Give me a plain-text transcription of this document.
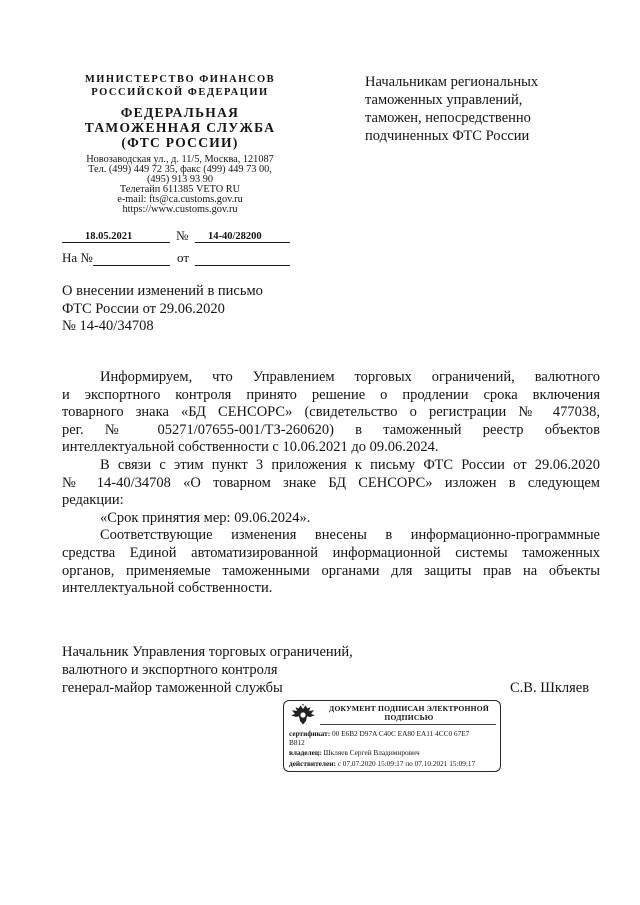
МИНИСТЕРСТВО ФИНАНСОВ
РОССИЙСКОЙ ФЕДЕРАЦИИ
ФЕДЕРАЛЬНАЯ
ТАМОЖЕННАЯ СЛУЖБА
(ФТС РОССИИ)
Новозаводская ул., д. 11/5, Москва, 121087
Тел. (499) 449 72 35, факс (499) 449 73 00,
(495) 913 93 90
Телетайп 611385 VETO RU
e-mail: fts@ca.customs.gov.ru
https://www.customs.gov.ru
18.05.2021	№ 14-40/28200
На №	от
Начальникам региональных
таможенных управлений,
таможен, непосредственно
подчиненных ФТС России
О внесении изменений в письмо
ФТС России от 29.06.2020
№ 14-40/34708
Информируем, что Управлением торговых ограничений, валютного
и экспортного контроля принято решение о продлении срока включения
товарного знака «БД СЕНСОРС» (свидетельство о регистрации № 477038,
рег. № 05271/07655-001/ТЗ-260620) в таможенный реестр объектов
интеллектуальной собственности с 10.06.2021 до 09.06.2024.
В связи с этим пункт 3 приложения к письму ФТС России от 29.06.2020
№ 14-40/34708 «О товарном знаке БД СЕНСОРС» изложен в следующем
редакции:
«Срок принятия мер: 09.06.2024».
Соответствующие изменения внесены в информационно-программные
средства Единой автоматизированной информационной системы таможенных
органов, применяемые таможенными органами для защиты прав на объекты
интеллектуальной собственности.
Начальник Управления торговых ограничений,
валютного и экспортного контроля
генерал-майор таможенной службы	С.В. Шкляев
ДОКУМЕНТ ПОДПИСАН ЭЛЕКТРОННОЙ
ПОДПИСЬЮ
сертификат: 00 E6B2 D97A C40C EA80 EA11 4CC0 67E7
B812
владелец: Шкляев Сергей Владимирович
действителен: с 07.07.2020 15:09:17 по 07.10.2021 15:09:17
